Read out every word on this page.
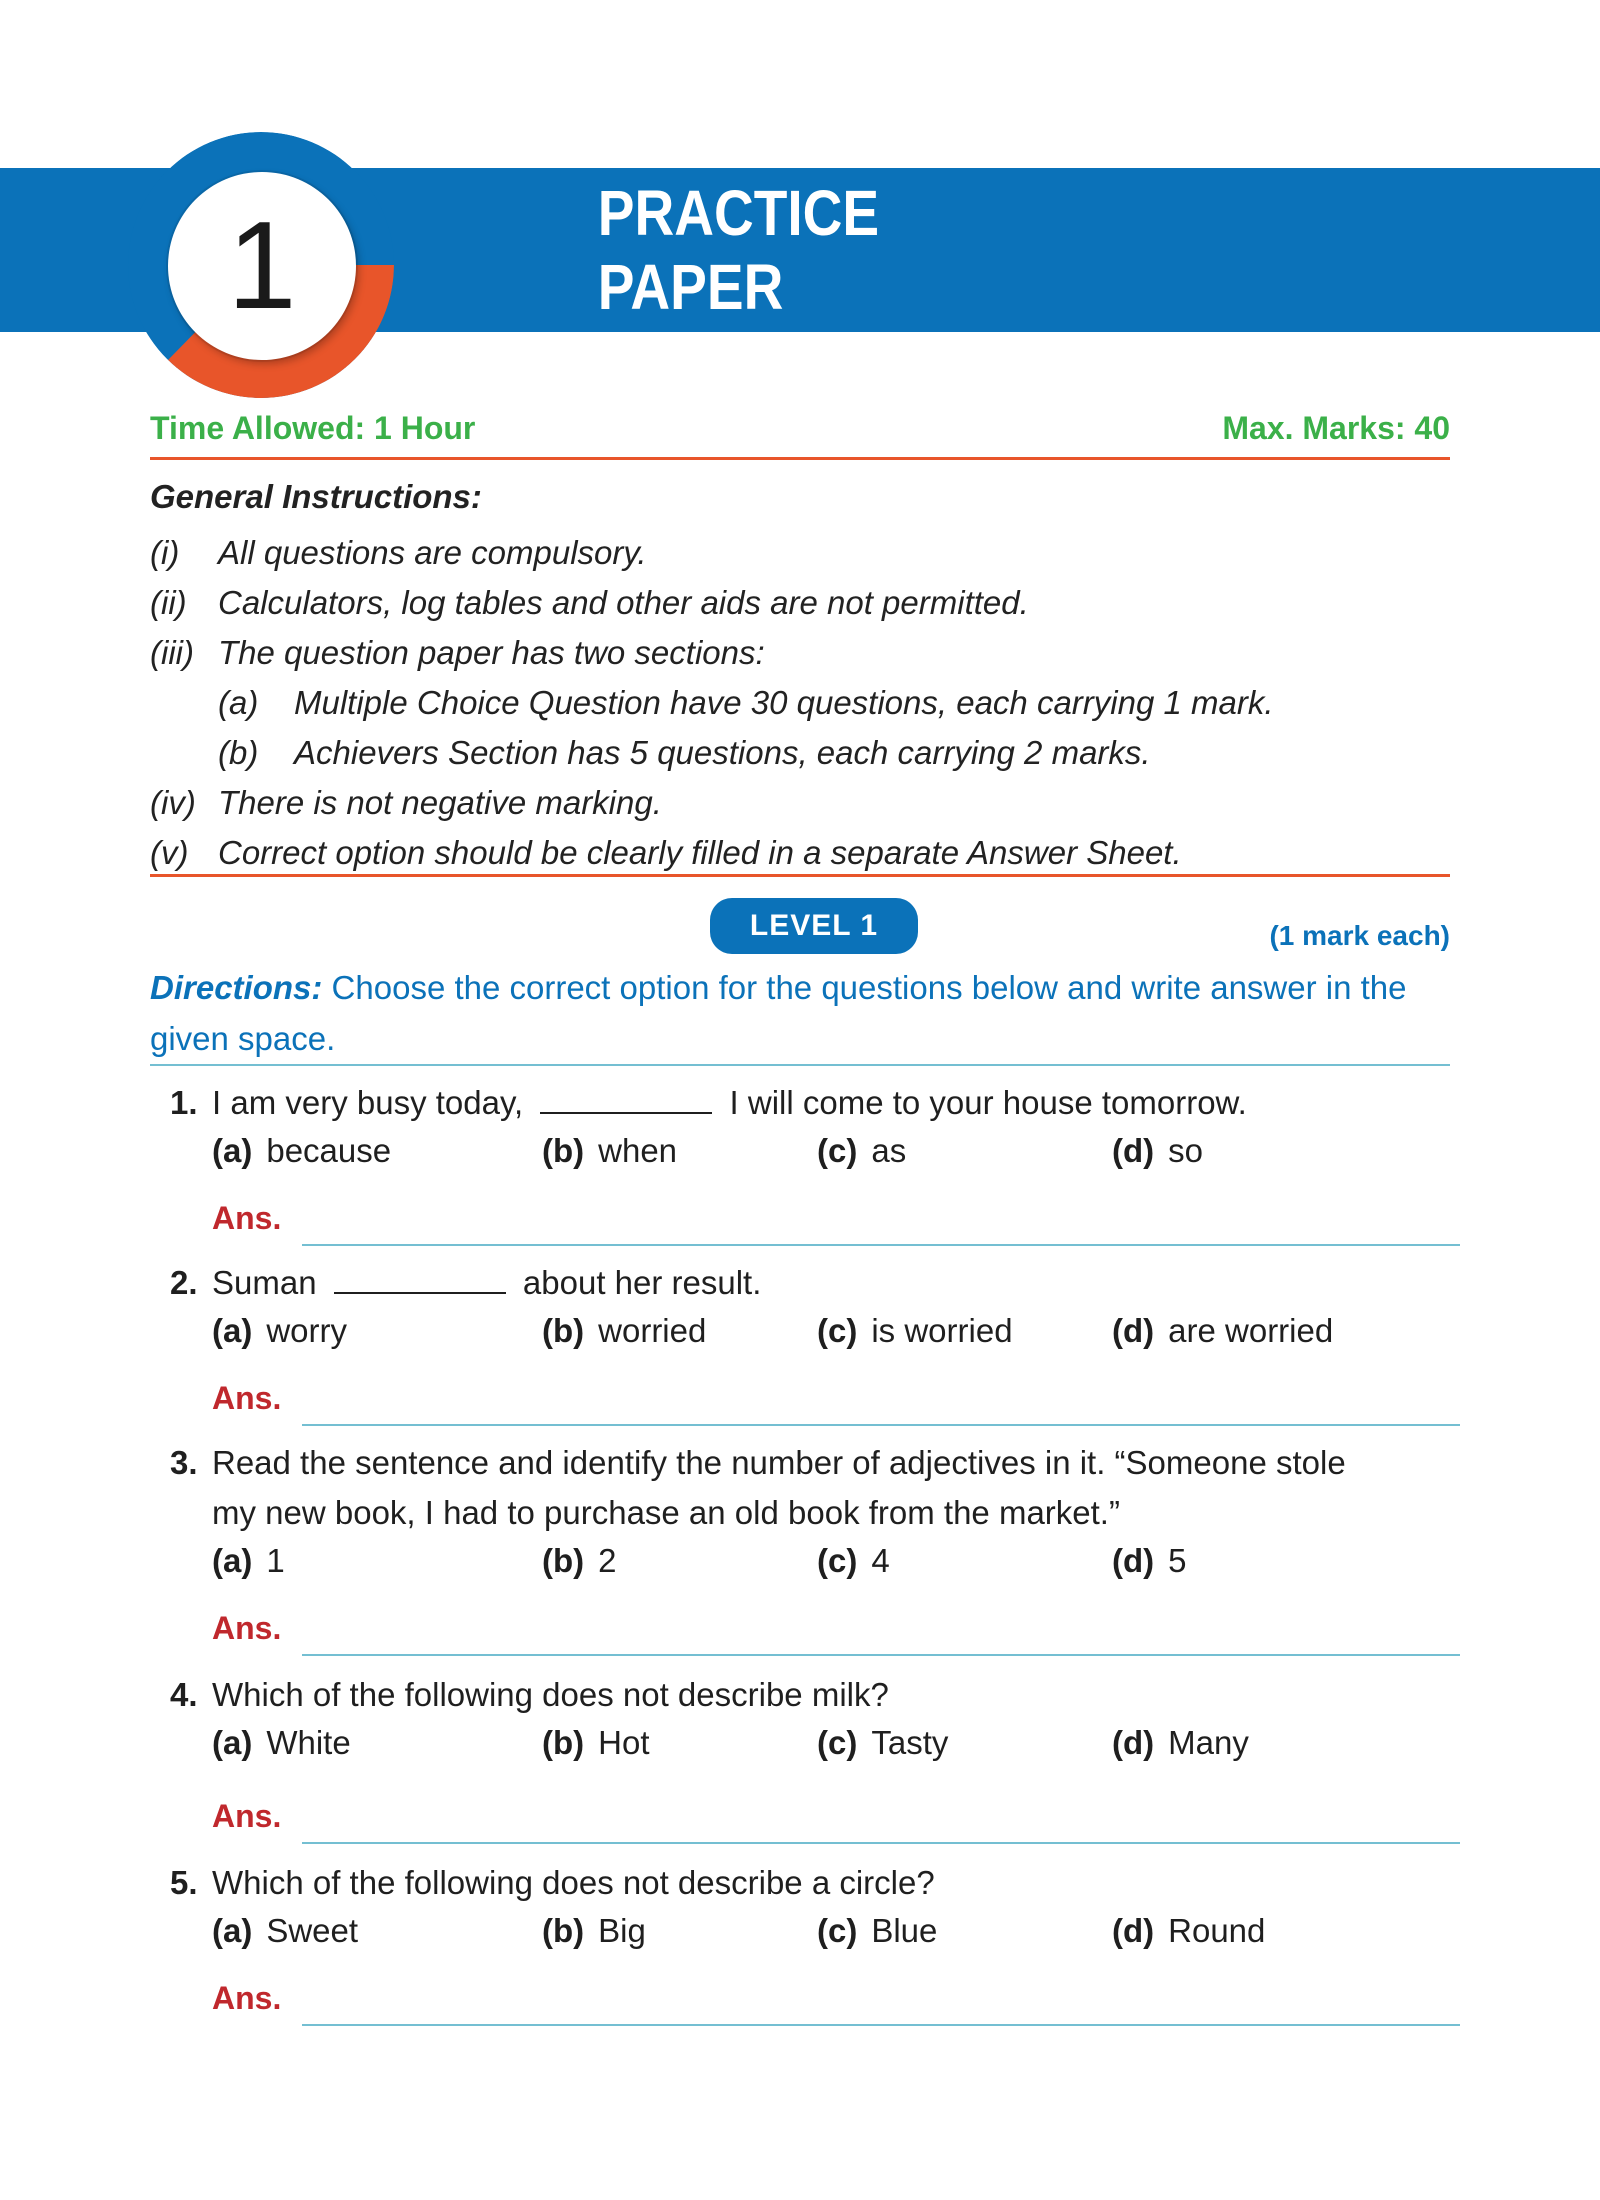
1	PRACTICE PAPER
Time Allowed: 1 Hour	Max. Marks: 40
General Instructions:
(i)	All questions are compulsory.
(ii) Calculators, log tables and other aids are not permitted.
(iii) The question paper has two sections:
(a)	Multiple Choice Question have 30 questions, each carrying 1 mark.
(b)	Achievers Section has 5 questions, each carrying 2 marks.
(iv) There is not negative marking.
(v) Correct option should be clearly filled in a separate Answer Sheet.
LEVEL 1	(1 mark each)
Directions: Choose the correct option for the questions below and write answer in the given space.
1. I am very busy today,	I will come to your house tomorrow.
(a) because	(b) when	(c) as	(d) so
Ans.
2. Suman	about her result.
(a) worry	(b) worried	(c) is worried	(d) are worried
Ans.
3. Read the sentence and identify the number of adjectives in it. “Someone stole
my new book, I had to purchase an old book from the market.”
(a) 1	(b) 2	(c) 4	(d) 5
Ans.
4. Which of the following does not describe milk?
(a) White	(b) Hot	(c) Tasty	(d) Many
Ans.
5. Which of the following does not describe a circle?
(a) Sweet	(b) Big	(c) Blue	(d) Round
Ans.
